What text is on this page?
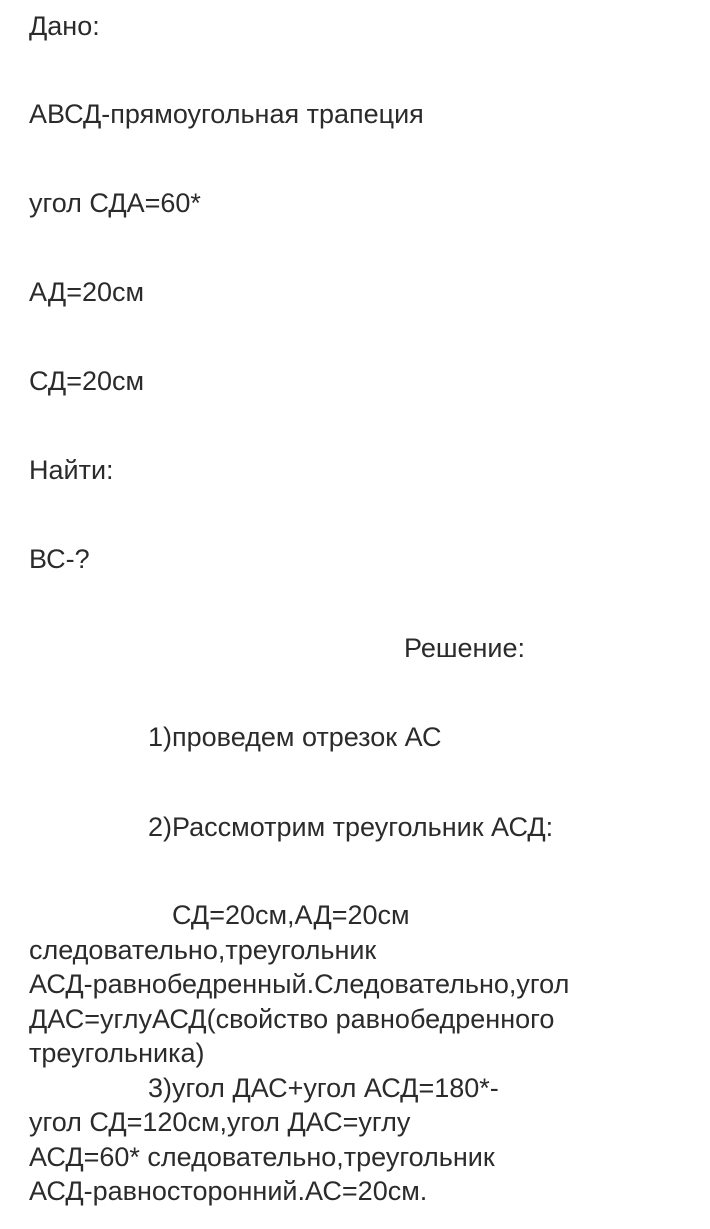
Дано:
АВСД-прямоугольная трапеция
угол СДА=60*
АД=20см
СД=20см
Найти:
ВС-?
Решение:
1)проведем отрезок АС
2)Рассмотрим треугольник АСД:
СД=20см,АД=20см
следовательно,треугольник
АСД-равнобедренный.Следовательно,угол
ДАС=углуАСД(свойство равнобедренного
треугольника)
3)угол ДАС+угол АСД=180*-
угол СД=120см,угол ДАС=углу
АСД=60* следовательно,треугольник
АСД-равносторонний.АС=20см.
